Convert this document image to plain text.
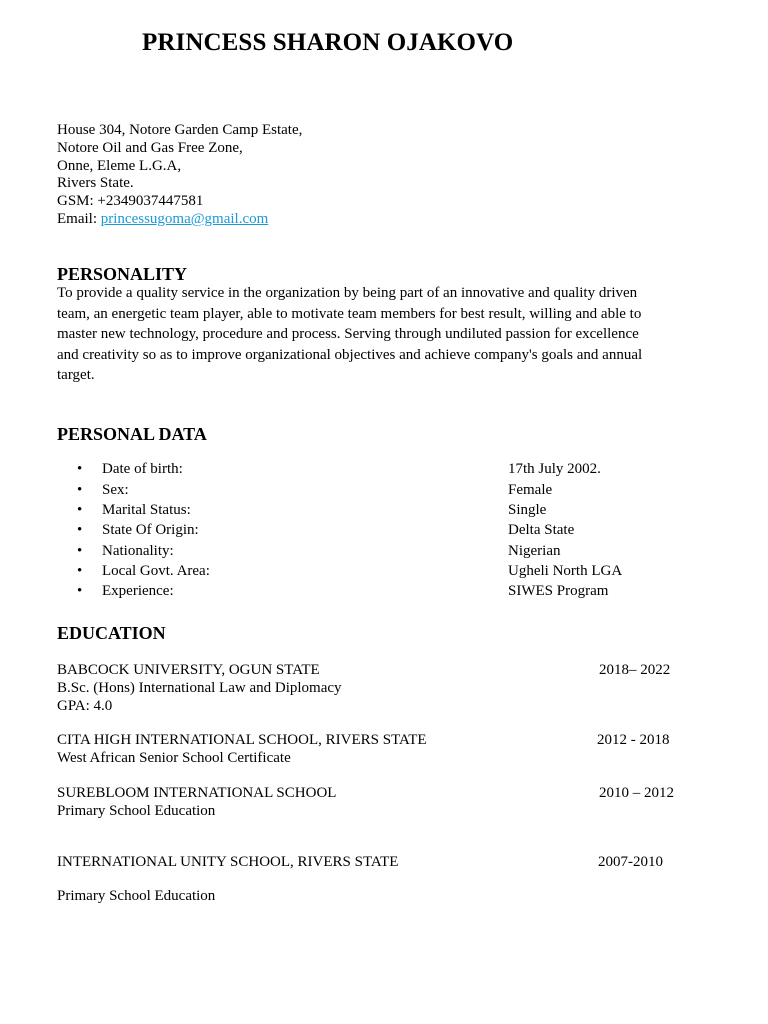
PRINCESS SHARON OJAKOVO
House 304, Notore Garden Camp Estate,
Notore Oil and Gas Free Zone,
Onne, Eleme L.G.A,
Rivers State.
GSM: +2349037447581
Email: princessugoma@gmail.com
PERSONALITY
To provide a quality service in the organization by being part of an innovative and quality driven
team, an energetic team player, able to motivate team members for best result, willing and able to
master new technology, procedure and process. Serving through undiluted passion for excellence
and creativity so as to improve organizational objectives and achieve company's goals and annual
target.
PERSONAL DATA
• Date of birth:	17th July 2002.
• Sex:	Female
• Marital Status:	Single
• State Of Origin:	Delta State
• Nationality:	Nigerian
• Local Govt. Area:	Ugheli North LGA
• Experience:	SIWES Program
EDUCATION
BABCOCK UNIVERSITY, OGUN STATE	2018– 2022
B.Sc. (Hons) International Law and Diplomacy
GPA: 4.0
CITA HIGH INTERNATIONAL SCHOOL, RIVERS STATE	2012 - 2018
West African Senior School Certificate
SUREBLOOM INTERNATIONAL SCHOOL	2010 – 2012
Primary School Education
INTERNATIONAL UNITY SCHOOL, RIVERS STATE	2007-2010
Primary School Education
